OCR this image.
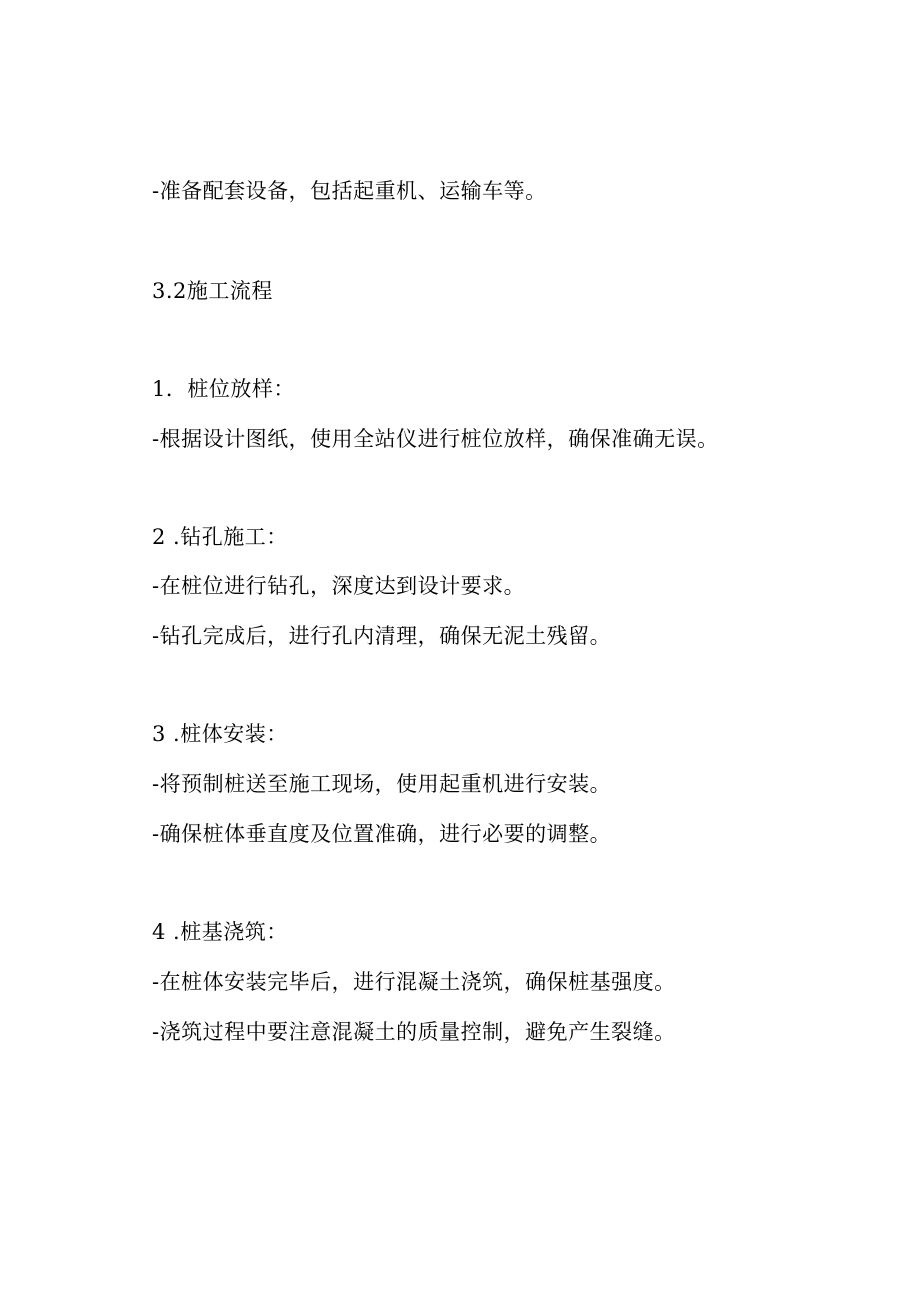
-准备配套设备，包括起重机、运输车等。
3.2施工流程
1．桩位放样：
-根据设计图纸，使用全站仪进行桩位放样，确保准确无误。
2 .钻孔施工：
-在桩位进行钻孔，深度达到设计要求。
-钻孔完成后，进行孔内清理，确保无泥土残留。
3 .桩体安装：
-将预制桩送至施工现场，使用起重机进行安装。
-确保桩体垂直度及位置准确，进行必要的调整。
4 .桩基浇筑：
-在桩体安装完毕后，进行混凝土浇筑，确保桩基强度。
-浇筑过程中要注意混凝土的质量控制，避免产生裂缝。
